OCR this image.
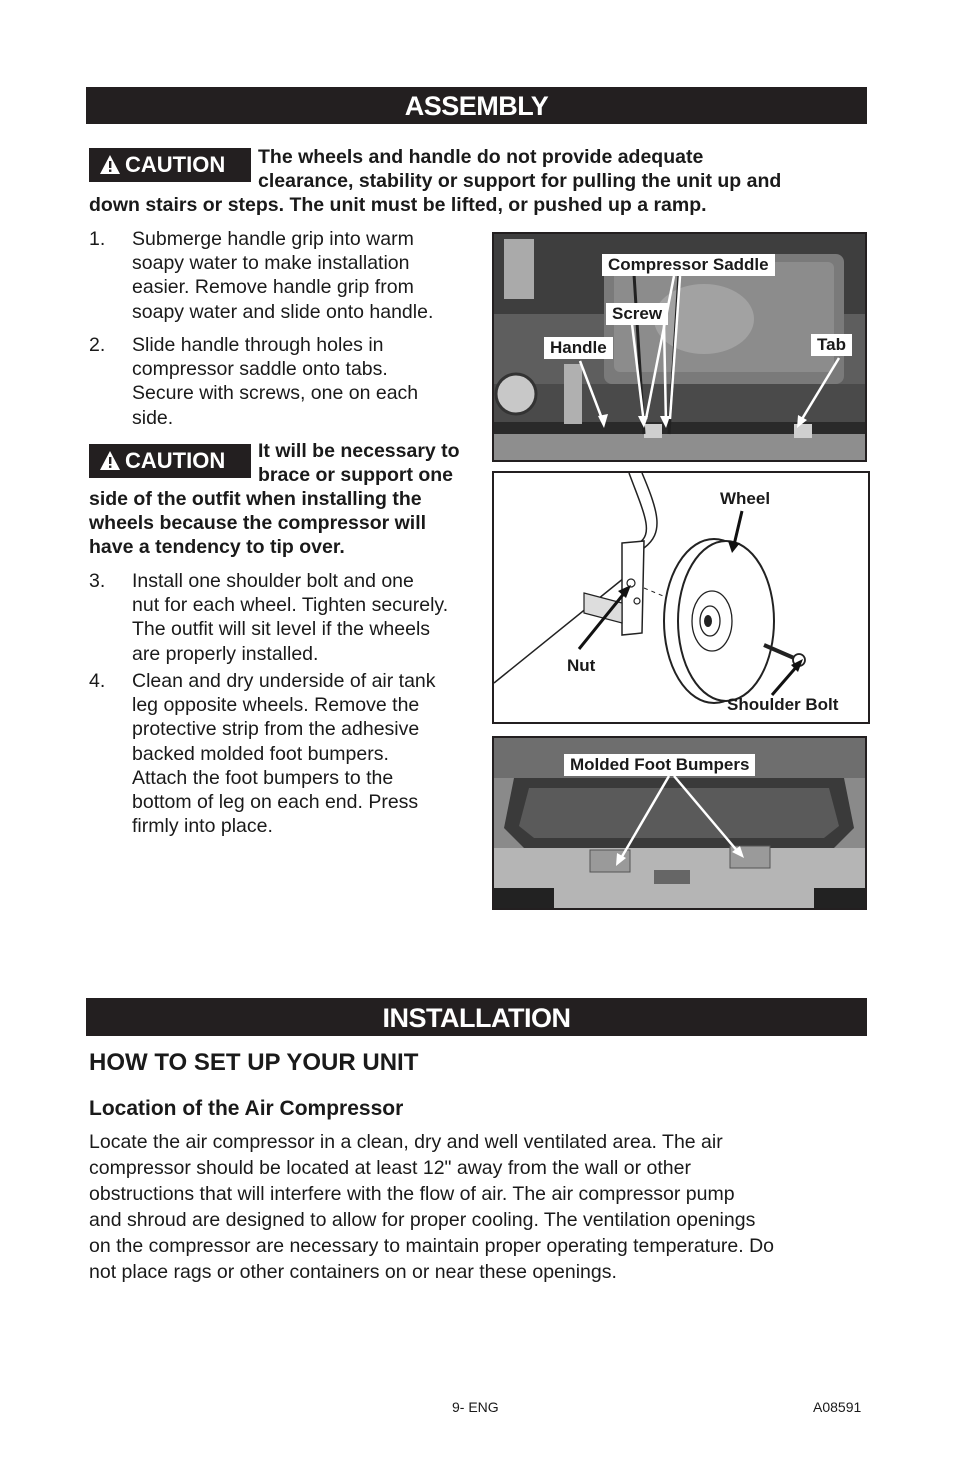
ASSEMBLY
CAUTION The wheels and handle do not provide adequate
clearance, stability or support for pulling the unit up and
down stairs or steps. The unit must be lifted, or pushed up a ramp.
1. Submerge handle grip into warm
soapy water to make installation
easier. Remove handle grip from
soapy water and slide onto handle.
2. Slide handle through holes in
compressor saddle onto tabs.
Secure with screws, one on each
side.
CAUTION It will be necessary to
brace or support one
side of the outfit when installing the
wheels because the compressor will
have a tendency to tip over.
3. Install one shoulder bolt and one
nut for each wheel. Tighten securely.
The outfit will sit level if the wheels
are properly installed.
4. Clean and dry underside of air tank
leg opposite wheels. Remove the
protective strip from the adhesive
backed molded foot bumpers.
Attach the foot bumpers to the
bottom of leg on each end. Press
firmly into place.
Compressor Saddle
Screw
Handle	Tab
Wheel
Nut
Shoulder Bolt
Molded Foot Bumpers
INSTALLATION
HOW TO SET UP YOUR UNIT
Location of the Air Compressor
Locate the air compressor in a clean, dry and well ventilated area. The air
compressor should be located at least 12" away from the wall or other
obstructions that will interfere with the flow of air. The air compressor pump
and shroud are designed to allow for proper cooling. The ventilation openings
on the compressor are necessary to maintain proper operating temperature. Do
not place rags or other containers on or near these openings.
9- ENG	A08591
